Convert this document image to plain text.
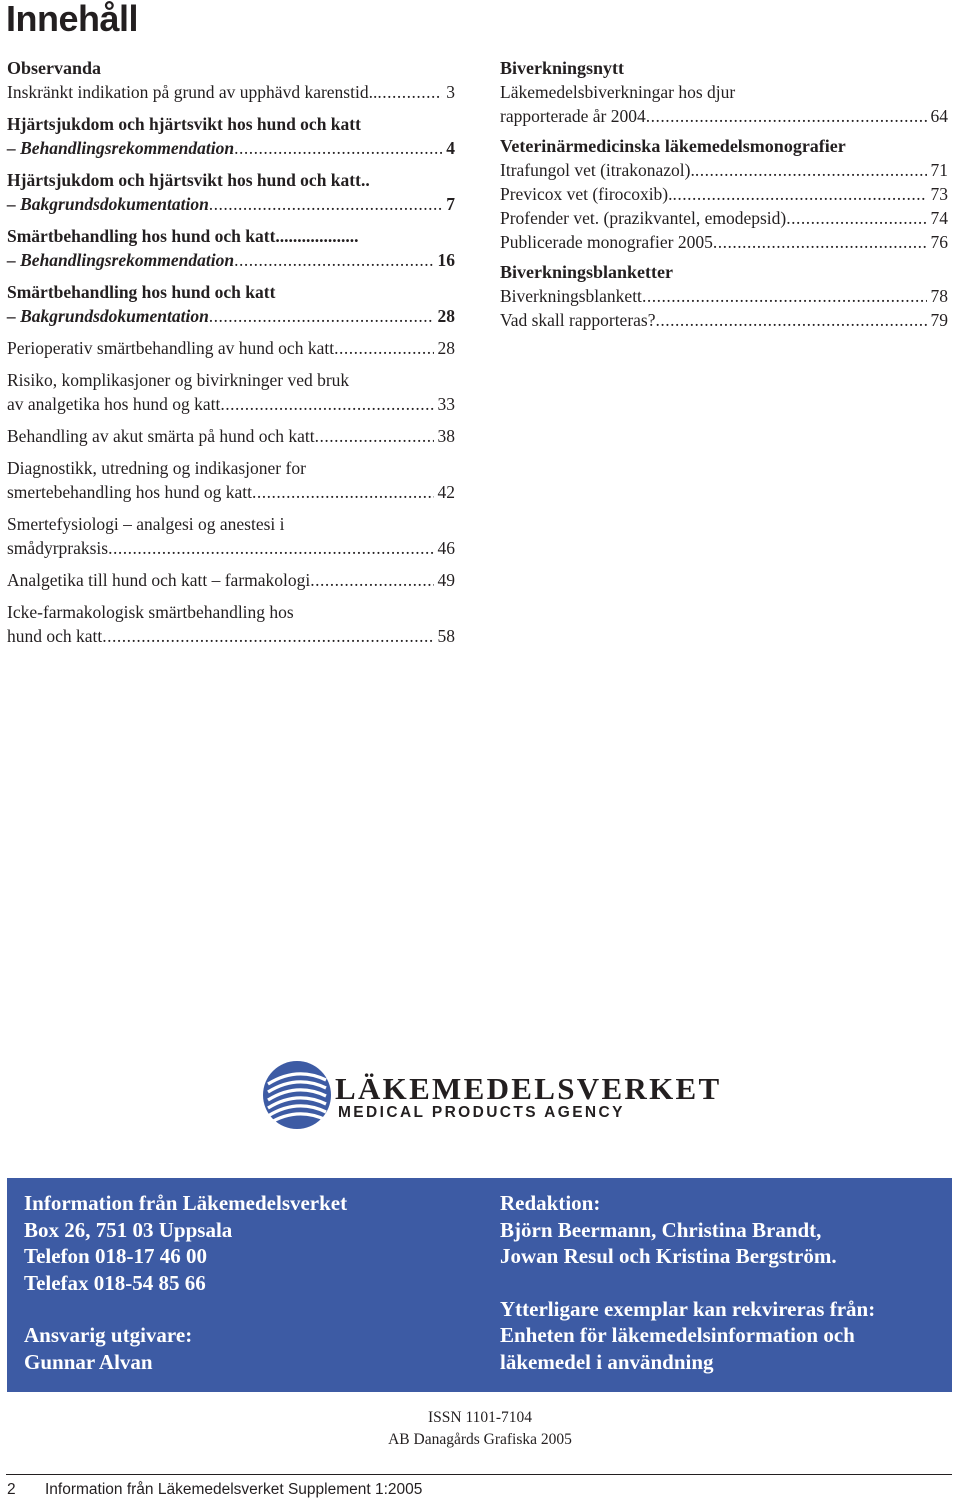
Innehåll
Observanda
Inskränkt indikation på grund av upphävd karenstid.. .....	3
Hjärtsjukdom och hjärtsvikt hos hund och katt
– Behandlingsrekommendation .....	4
Hjärtsjukdom och hjärtsvikt hos hund och katt..
– Bakgrundsdokumentation .....	7
Smärtbehandling hos hund och katt...................
– Behandlingsrekommendation .....	16
Smärtbehandling hos hund och katt
– Bakgrundsdokumentation .....	28
Perioperativ smärtbehandling av hund och katt .....	28
Risiko, komplikasjoner og bivirkninger ved bruk
av analgetika hos hund og katt .....	33
Behandling av akut smärta på hund och katt .....	38
Diagnostikk, utredning og indikasjoner for
smertebehandling hos hund og katt .....	42
Smertefysiologi – analgesi og anestesi i
smådyrpraksis .....	46
Analgetika till hund och katt – farmakologi .....	49
Icke-farmakologisk smärtbehandling hos
hund och katt .....	58
Biverkningsnytt
Läkemedelsbiverkningar hos djur
rapporterade år 2004 .....	64
Veterinärmedicinska läkemedelsmonografier
Itrafungol vet (itrakonazol). .....	71
Previcox vet (firocoxib). .....	73
Profender vet. (prazikvantel, emodepsid) .....	74
Publicerade monografier 2005 .....	76
Biverkningsblanketter
Biverkningsblankett .....	78
Vad skall rapporteras? .....	79
LÄKEMEDELSVERKET
MEDICAL PRODUCTS AGENCY
Information från Läkemedelsverket
Box 26, 751 03 Uppsala
Telefon 018-17 46 00
Telefax 018-54 85 66
Ansvarig utgivare:
Gunnar Alvan
Redaktion:
Björn Beermann, Christina Brandt,
Jowan Resul och Kristina Bergström.
Ytterligare exemplar kan rekvireras från:
Enheten för läkemedelsinformation och
läkemedel i användning
ISSN 1101-7104
AB Danagårds Grafiska 2005
2 Information från Läkemedelsverket Supplement 1:2005
